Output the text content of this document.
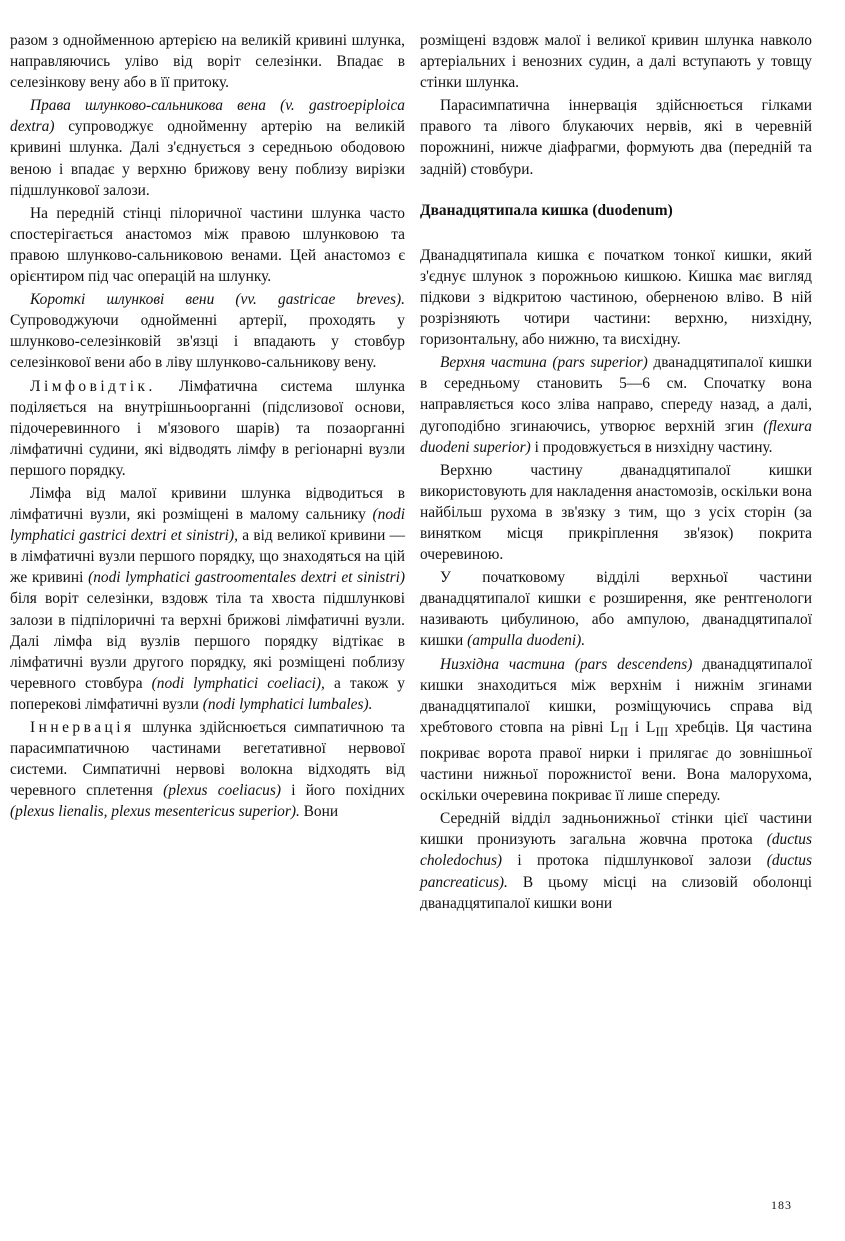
разом з однойменною артерією на великій кривині шлунка, направляючись уліво від воріт селезінки. Впадає в селезінкову вену або в її притоку.

Права шлунково-сальникова вена (v. gastroepiploica dextra) супроводжує однойменну артерію на великій кривині шлунка. Далі з'єднується з середньою ободовою веною і впадає у верхню брижову вену поблизу вирізки підшлункової залози.

На передній стінці пілоричної частини шлунка часто спостерігається анастомоз між правою шлунковою та правою шлунково-сальниковою венами. Цей анастомоз є орієнтиром під час операцій на шлунку.

Короткі шлункові вени (vv. gastricae breves). Супроводжуючи однойменні артерії, проходять у шлунково-селезінковій зв'язці і впадають у стовбур селезінкової вени або в ліву шлунково-сальникову вену.

Лімфовідтік. Лімфатична система шлунка поділяється на внутрішньоорганні (підслизової основи, підочеревинного і м'язового шарів) та позаорганні лімфатичні судини, які відводять лімфу в регіонарні вузли першого порядку.

Лімфа від малої кривини шлунка відводиться в лімфатичні вузли, які розміщені в малому сальнику (nodi lymphatici gastrici dextri et sinistri), а від великої кривини — в лімфатичні вузли першого порядку, що знаходяться на цій же кривині (nodi lymphatici gastroomentales dextri et sinistri) біля воріт селезінки, вздовж тіла та хвоста підшлункові залози в підпілоричні та верхні брижові лімфатичні вузли. Далі лімфа від вузлів першого порядку відтікає в лімфатичні вузли другого порядку, які розміщені поблизу черевного стовбура (nodi lymphatici coeliaci), а також у поперекові лімфатичні вузли (nodi lymphatici lumbales).

Іннервація шлунка здійснюється симпатичною та парасимпатичною частинами вегетативної нервової системи. Симпатичні нервові волокна відходять від черевного сплетення (plexus coeliacus) і його похідних (plexus lienalis, plexus mesentericus superior). Вони

розміщені вздовж малої і великої кривин шлунка навколо артеріальних і венозних судин, а далі вступають у товщу стінки шлунка.

Парасимпатична іннервація здійснюється гілками правого та лівого блукаючих нервів, які в черевній порожнині, нижче діафрагми, формують два (передній та задній) стовбури.

Дванадцятипала кишка (duodenum)

Дванадцятипала кишка є початком тонкої кишки, який з'єднує шлунок з порожньою кишкою. Кишка має вигляд підкови з відкритою частиною, оберненою вліво. В ній розрізняють чотири частини: верхню, низхідну, горизонтальну, або нижню, та висхідну.

Верхня частина (pars superior) дванадцятипалої кишки в середньому становить 5—6 см. Спочатку вона направляється косо зліва направо, спереду назад, а далі, дугоподібно згинаючись, утворює верхній згин (flexura duodeni superior) і продовжується в низхідну частину.

Верхню частину дванадцятипалої кишки використовують для накладення анастомозів, оскільки вона найбільш рухома в зв'язку з тим, що з усіх сторін (за винятком місця прикріплення зв'язок) покрита очеревиною.

У початковому відділі верхньої частини дванадцятипалої кишки є розширення, яке рентгенологи називають цибулиною, або ампулою, дванадцятипалої кишки (ampulla duodeni).

Низхідна частина (pars descendens) дванадцятипалої кишки знаходиться між верхнім і нижнім згинами дванадцятипалої кишки, розміщуючись справа від хребтового стовпа на рівні $L_{II}$ і $L_{III}$ хребців. Ця частина покриває ворота правої нирки і прилягає до зовнішньої частини нижньої порожнистої вени. Вона малорухома, оскільки очеревина покриває її лише спереду.

Середній відділ задньонижньої стінки цієї частини кишки пронизують загальна жовчна протока (ductus choledochus) і протока підшлункової залози (ductus pancreaticus). В цьому місці на слизовій оболонці дванадцятипалої кишки вони

183
